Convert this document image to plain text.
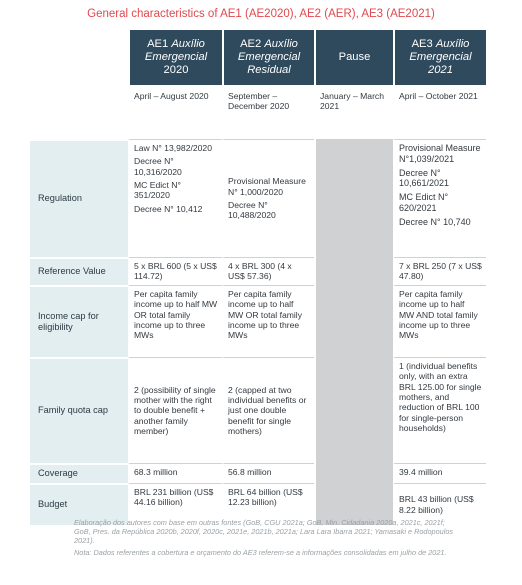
General characteristics of AE1 (AE2020), AE2 (AER), AE3 (AE2021)
	AE1 Auxílio
Emergencial
2020	AE2 Auxílio
Emergencial
Residual	Pause	AE3 Auxílio
Emergencial
2021
	April – August 2020	September – December 2020	January – March 2021	April – October 2021
Regulation	Law N° 13,982/2020
Decree N° 10,316/2020
MC Edict N° 351/2020
Decree N° 10,412	Provisional Measure N° 1,000/2020
Decree N° 10,488/2020		Provisional Measure N°1,039/2021
Decree N° 10,661/2021
MC Edict N° 620/2021
Decree N° 10,740

Reference Value	5 x BRL 600 (5 x US$ 114.72)	4 x BRL 300 (4 x US$ 57.36)		7 x BRL 250 (7 x US$ 47.80)
Income cap for eligibility	Per capita family income up to half MW OR total family income up to three MWs	Per capita family income up to half MW OR total family income up to three MWs		Per capita family income up to half MW AND total family income up to three MWs
Family quota cap	2 (possibility of single mother with the right to double benefit + another family member)	2 (capped at two individual benefits or just one double benefit for single mothers)		1 (individual benefits only, with an extra BRL 125.00 for single mothers, and reduction of BRL 100 for single-person households)
Coverage	68.3 million	56.8 million		39.4 million
Budget	BRL 231 billion (US$ 44.16 billion)	BRL 64 billion (US$ 12.23 billion)		BRL 43 billion (US$ 8.22 billion)
Elaboração dos autores com base em outras fontes (GoB, CGU 2021a; GoB, Min. Cidadania 2020a, 2021c, 2021f; GoB, Pres. da República 2020b, 2020f, 2020c, 2021e, 2021b, 2021a; Lara Lara Ibarra 2021; Yamasaki e Rodopoulos 2021).
Nota: Dados referentes a cobertura e orçamento do AE3 referem-se a informações consolidadas em julho de 2021.
